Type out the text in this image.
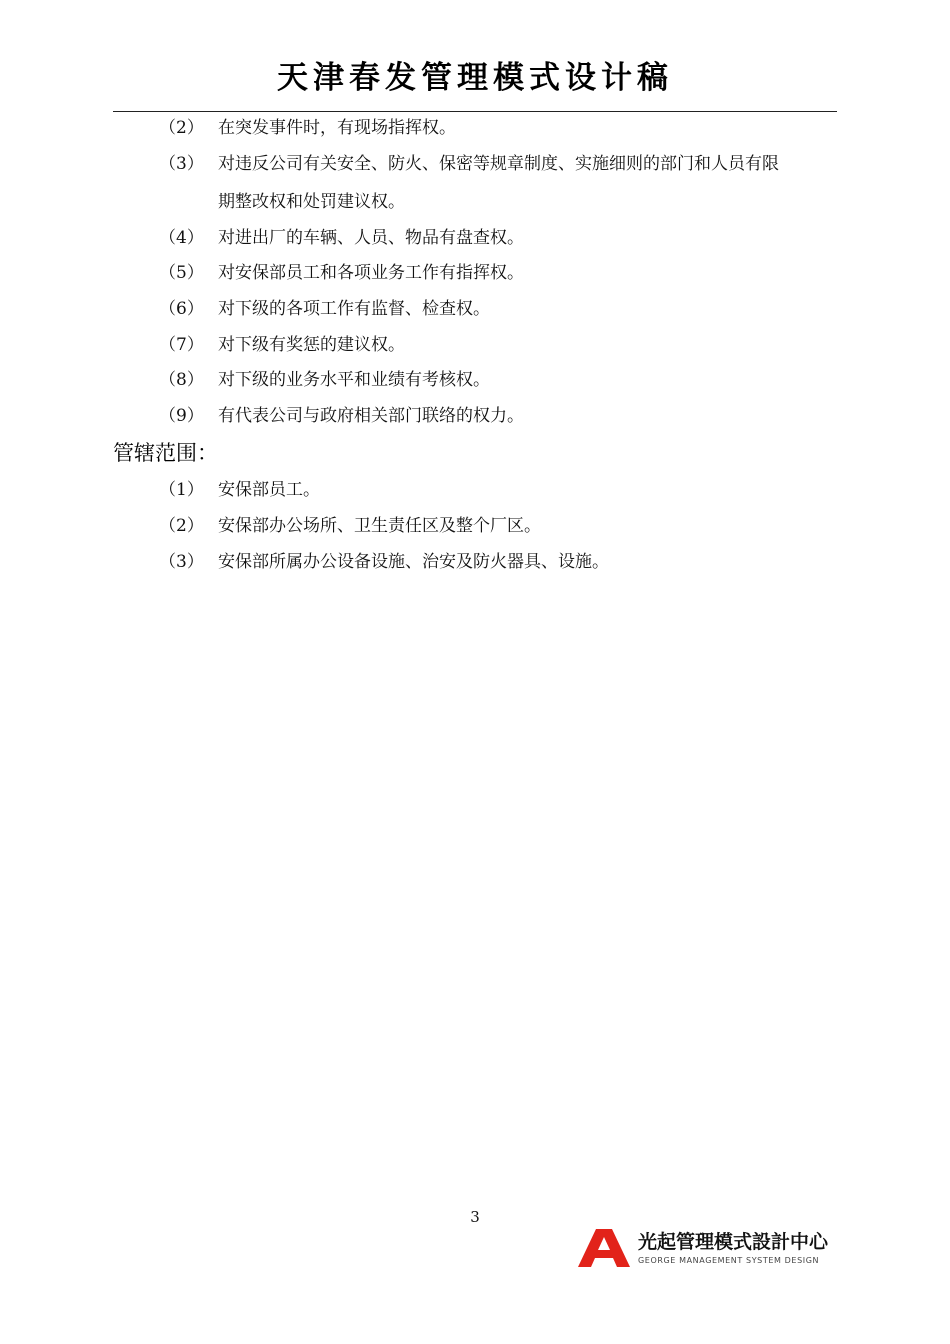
天津春发管理模式设计稿
（2） 在突发事件时，有现场指挥权。
（3） 对违反公司有关安全、防火、保密等规章制度、实施细则的部门和人员有限
期整改权和处罚建议权。
（4） 对进出厂的车辆、人员、物品有盘查权。
（5） 对安保部员工和各项业务工作有指挥权。
（6） 对下级的各项工作有监督、检查权。
（7） 对下级有奖惩的建议权。
（8） 对下级的业务水平和业绩有考核权。
（9） 有代表公司与政府相关部门联络的权力。
管辖范围：
（1） 安保部员工。
（2） 安保部办公场所、卫生责任区及整个厂区。
（3） 安保部所属办公设备设施、治安及防火器具、设施。
3
光起管理模式設計中心
GEORGE MANAGEMENT SYSTEM DESIGN
